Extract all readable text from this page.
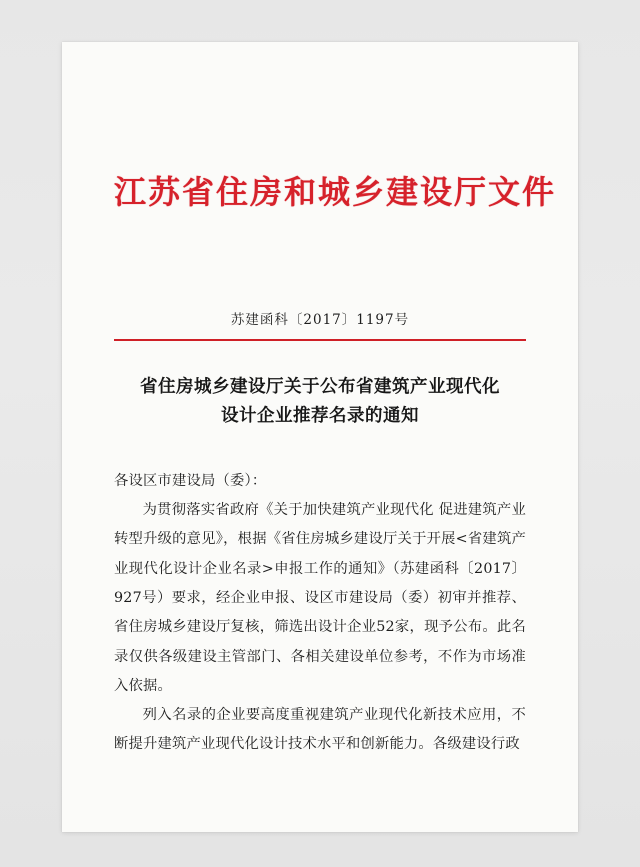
江苏省住房和城乡建设厅文件
苏建函科〔2017〕1197号
省住房城乡建设厅关于公布省建筑产业现代化
设计企业推荐名录的通知

各设区市建设局（委）：

为贯彻落实省政府《关于加快建筑产业现代化 促进建筑产业转型升级的意见》，根据《省住房城乡建设厅关于开展<省建筑产业现代化设计企业名录>申报工作的通知》（苏建函科〔2017〕927号）要求，经企业申报、设区市建设局（委）初审并推荐、省住房城乡建设厅复核，筛选出设计企业52家，现予公布。此名录仅供各级建设主管部门、各相关建设单位参考，不作为市场准入依据。

列入名录的企业要高度重视建筑产业现代化新技术应用，不断提升建筑产业现代化设计技术水平和创新能力。各级建设行政
